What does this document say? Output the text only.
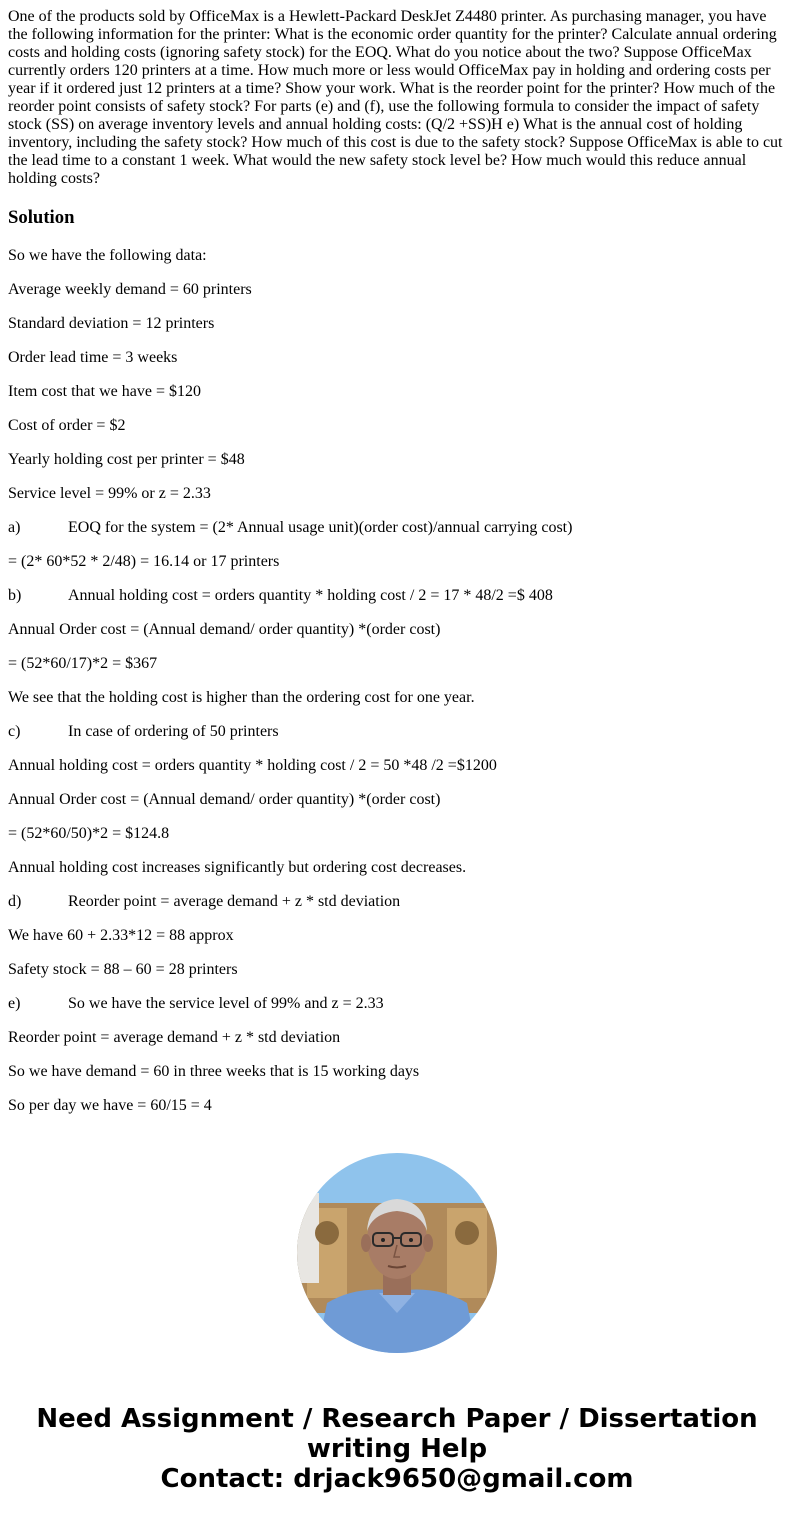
One of the products sold by OfficeMax is a Hewlett-Packard DeskJet Z4480 printer. As purchasing manager, you have the following information for the printer: What is the economic order quantity for the printer? Calculate annual ordering costs and holding costs (ignoring safety stock) for the EOQ. What do you notice about the two? Suppose OfficeMax currently orders 120 printers at a time. How much more or less would OfficeMax pay in holding and ordering costs per year if it ordered just 12 printers at a time? Show your work. What is the reorder point for the printer? How much of the reorder point consists of safety stock? For parts (e) and (f), use the following formula to consider the impact of safety stock (SS) on average inventory levels and annual holding costs: (Q/2 +SS)H e) What is the annual cost of holding inventory, including the safety stock? How much of this cost is due to the safety stock? Suppose OfficeMax is able to cut the lead time to a constant 1 week. What would the new safety stock level be? How much would this reduce annual holding costs?

Solution

So we have the following data:

Average weekly demand = 60 printers

Standard deviation = 12 printers

Order lead time = 3 weeks

Item cost that we have = $120

Cost of order = $2

Yearly holding cost per printer = $48

Service level = 99% or z = 2.33

a)	EOQ for the system = (2* Annual usage unit)(order cost)/annual carrying cost)

= (2* 60*52 * 2/48) = 16.14 or 17 printers

b)	Annual holding cost = orders quantity * holding cost / 2 = 17 * 48/2 =$ 408

Annual Order cost = (Annual demand/ order quantity) *(order cost)

= (52*60/17)*2 = $367

We see that the holding cost is higher than the ordering cost for one year.

c)	In case of ordering of 50 printers

Annual holding cost = orders quantity * holding cost / 2 = 50 *48 /2 =$1200

Annual Order cost = (Annual demand/ order quantity) *(order cost)

= (52*60/50)*2 = $124.8

Annual holding cost increases significantly but ordering cost decreases.

d)	Reorder point = average demand + z * std deviation

We have 60 + 2.33*12 = 88 approx

Safety stock = 88 – 60 = 28 printers

e)	So we have the service level of 99% and z = 2.33

Reorder point = average demand + z * std deviation

So we have demand = 60 in three weeks that is 15 working days

So per day we have = 60/15 = 4

Need Assignment / Research Paper / Dissertation
writing Help
Contact: drjack9650@gmail.com
